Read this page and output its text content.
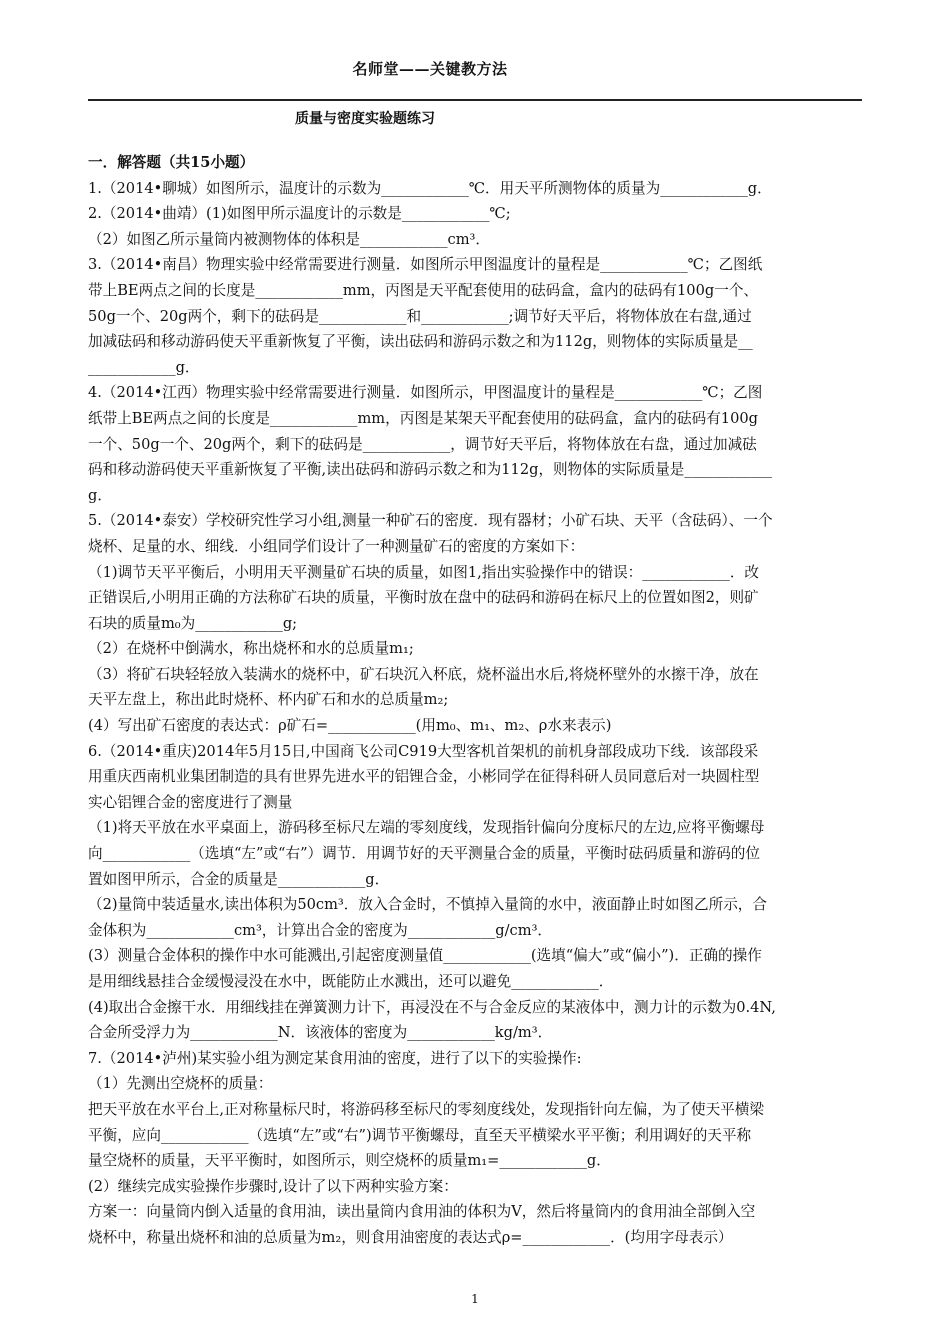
名师堂——关键教方法
质量与密度实验题练习
一．解答题（共15小题）
1.（2014•聊城）如图所示，温度计的示数为____________℃．用天平所测物体的质量为____________g．
2.（2014•曲靖）(1)如图甲所示温度计的示数是____________℃;
（2）如图乙所示量筒内被测物体的体积是____________cm³．
3.（2014•南昌）物理实验中经常需要进行测量．如图所示甲图温度计的量程是____________℃；乙图纸
带上BE两点之间的长度是____________mm，丙图是天平配套使用的砝码盒，盒内的砝码有100g一个、
50g一个、20g两个，剩下的砝码是____________和____________;调节好天平后，将物体放在右盘,通过
加减砝码和移动游码使天平重新恢复了平衡，读出砝码和游码示数之和为112g，则物体的实际质量是__
____________g．
4.（2014•江西）物理实验中经常需要进行测量．如图所示，甲图温度计的量程是____________℃；乙图
纸带上BE两点之间的长度是____________mm，丙图是某架天平配套使用的砝码盒，盒内的砝码有100g
一个、50g一个、20g两个，剩下的砝码是____________，调节好天平后，将物体放在右盘，通过加减砝
码和移动游码使天平重新恢复了平衡,读出砝码和游码示数之和为112g，则物体的实际质量是____________
g．
5.（2014•泰安）学校研究性学习小组,测量一种矿石的密度．现有器材；小矿石块、天平（含砝码）、一个
烧杯、足量的水、细线．小组同学们设计了一种测量矿石的密度的方案如下：
（1)调节天平平衡后，小明用天平测量矿石块的质量，如图1,指出实验操作中的错误：____________．改
正错误后,小明用正确的方法称矿石块的质量，平衡时放在盘中的砝码和游码在标尺上的位置如图2，则矿
石块的质量m₀为____________g;
（2）在烧杯中倒满水，称出烧杯和水的总质量m₁;
（3）将矿石块轻轻放入装满水的烧杯中，矿石块沉入杯底，烧杯溢出水后,将烧杯壁外的水擦干净，放在
天平左盘上，称出此时烧杯、杯内矿石和水的总质量m₂;
(4）写出矿石密度的表达式：ρ矿石=____________(用m₀、m₁、m₂、ρ水来表示)
6.（2014•重庆)2014年5月15日,中国商飞公司C919大型客机首架机的前机身部段成功下线．该部段采
用重庆西南机业集团制造的具有世界先进水平的铝锂合金，小彬同学在征得科研人员同意后对一块圆柱型
实心铝锂合金的密度进行了测量
（1)将天平放在水平桌面上，游码移至标尺左端的零刻度线，发现指针偏向分度标尺的左边,应将平衡螺母
向____________（选填“左”或“右”）调节．用调节好的天平测量合金的质量，平衡时砝码质量和游码的位
置如图甲所示，合金的质量是____________g．
（2)量筒中装适量水,读出体积为50cm³．放入合金时，不慎掉入量筒的水中，液面静止时如图乙所示，合
金体积为____________cm³，计算出合金的密度为____________g/cm³．
(3）测量合金体积的操作中水可能溅出,引起密度测量值____________(选填“偏大”或“偏小”)．正确的操作
是用细线悬挂合金缓慢浸没在水中，既能防止水溅出，还可以避免____________．
(4)取出合金擦干水．用细线挂在弹簧测力计下，再浸没在不与合金反应的某液体中，测力计的示数为0.4N,
合金所受浮力为____________N．该液体的密度为____________kg/m³．
7.（2014•泸州)某实验小组为测定某食用油的密度，进行了以下的实验操作:
（1）先测出空烧杯的质量：
把天平放在水平台上,正对称量标尺时，将游码移至标尺的零刻度线处，发现指针向左偏，为了使天平横梁
平衡，应向____________（选填“左”或“右”)调节平衡螺母，直至天平横梁水平平衡；利用调好的天平称
量空烧杯的质量，天平平衡时，如图所示，则空烧杯的质量m₁=____________g．
(2）继续完成实验操作步骤时,设计了以下两种实验方案：
方案一：向量筒内倒入适量的食用油，读出量筒内食用油的体积为V，然后将量筒内的食用油全部倒入空
烧杯中，称量出烧杯和油的总质量为m₂，则食用油密度的表达式ρ=____________．(均用字母表示）
1
